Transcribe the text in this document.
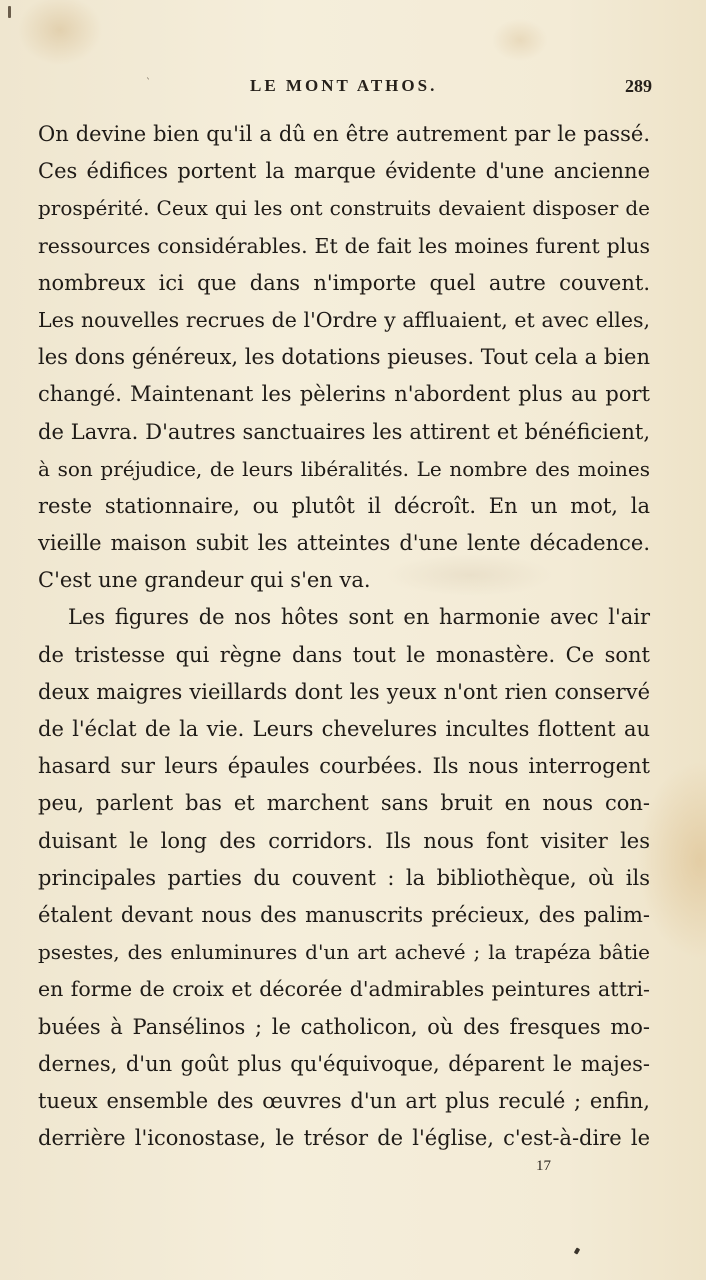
ˋ	LE MONT ATHOS.	289
On devine bien qu'il a dû en être autrement par le passé.
Ces édifices portent la marque évidente d'une ancienne
prospérité. Ceux qui les ont construits devaient disposer de
ressources considérables. Et de fait les moines furent plus
nombreux ici que dans n'importe quel autre couvent.
Les nouvelles recrues de l'Ordre y affluaient, et avec elles,
les dons généreux, les dotations pieuses. Tout cela a bien
changé. Maintenant les pèlerins n'abordent plus au port
de Lavra. D'autres sanctuaires les attirent et bénéficient,
à son préjudice, de leurs libéralités. Le nombre des moines
reste stationnaire, ou plutôt il décroît. En un mot, la
vieille maison subit les atteintes d'une lente décadence.
C'est une grandeur qui s'en va.
Les figures de nos hôtes sont en harmonie avec l'air
de tristesse qui règne dans tout le monastère. Ce sont
deux maigres vieillards dont les yeux n'ont rien conservé
de l'éclat de la vie. Leurs chevelures incultes flottent au
hasard sur leurs épaules courbées. Ils nous interrogent
peu, parlent bas et marchent sans bruit en nous con-
duisant le long des corridors. Ils nous font visiter les
principales parties du couvent : la bibliothèque, où ils
étalent devant nous des manuscrits précieux, des palim-
psestes, des enluminures d'un art achevé ; la trapéza bâtie
en forme de croix et décorée d'admirables peintures attri-
buées à Pansélinos ; le catholicon, où des fresques mo-
dernes, d'un goût plus qu'équivoque, déparent le majes-
tueux ensemble des œuvres d'un art plus reculé ; enfin,
derrière l'iconostase, le trésor de l'église, c'est-à-dire le
17
